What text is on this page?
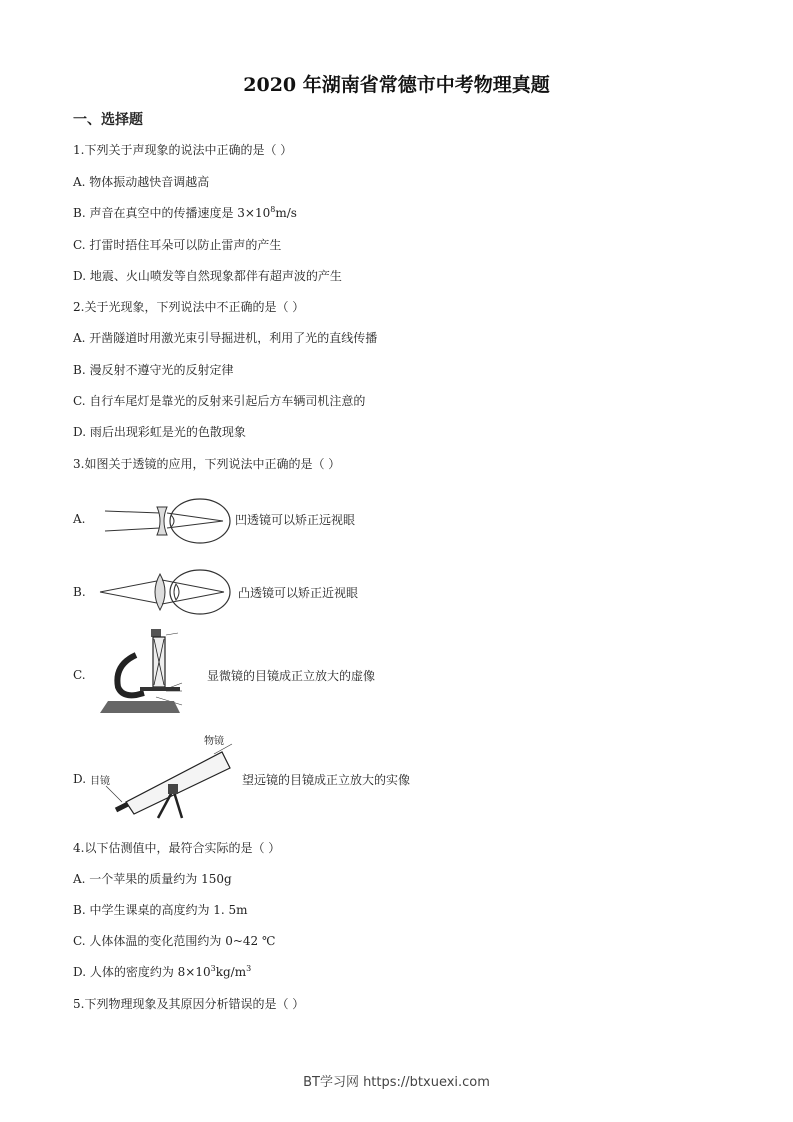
2020 年湖南省常德市中考物理真题
一、选择题
1.下列关于声现象的说法中正确的是（ ）
A. 物体振动越快音调越高
B. 声音在真空中的传播速度是 $3\times 10^8m/s$
C. 打雷时捂住耳朵可以防止雷声的产生
D. 地震、火山喷发等自然现象都伴有超声波的产生
2.关于光现象，下列说法中不正确的是（ ）
A. 开凿隧道时用激光束引导掘进机，利用了光的直线传播
B. 漫反射不遵守光的反射定律
C. 自行车尾灯是靠光的反射来引起后方车辆司机注意的
D. 雨后出现彩虹是光的色散现象
3.如图关于透镜的应用，下列说法中正确的是（ ）
A.	凹透镜可以矫正远视眼
B.	凸透镜可以矫正近视眼
C.	显微镜的目镜成正立放大的虚像
D.
物镜
目镜	望远镜的目镜成正立放大的实像
4.以下估测值中，最符合实际的是（ ）
A. 一个苹果的质量约为 150g
B. 中学生课桌的高度约为 1. 5m
C. 人体体温的变化范围约为 0~42 ℃
D. 人体的密度约为 $8\times 10^3kg/m^3$
5.下列物理现象及其原因分析错误的是（ ）
BT学习网 https://btxuexi.com
